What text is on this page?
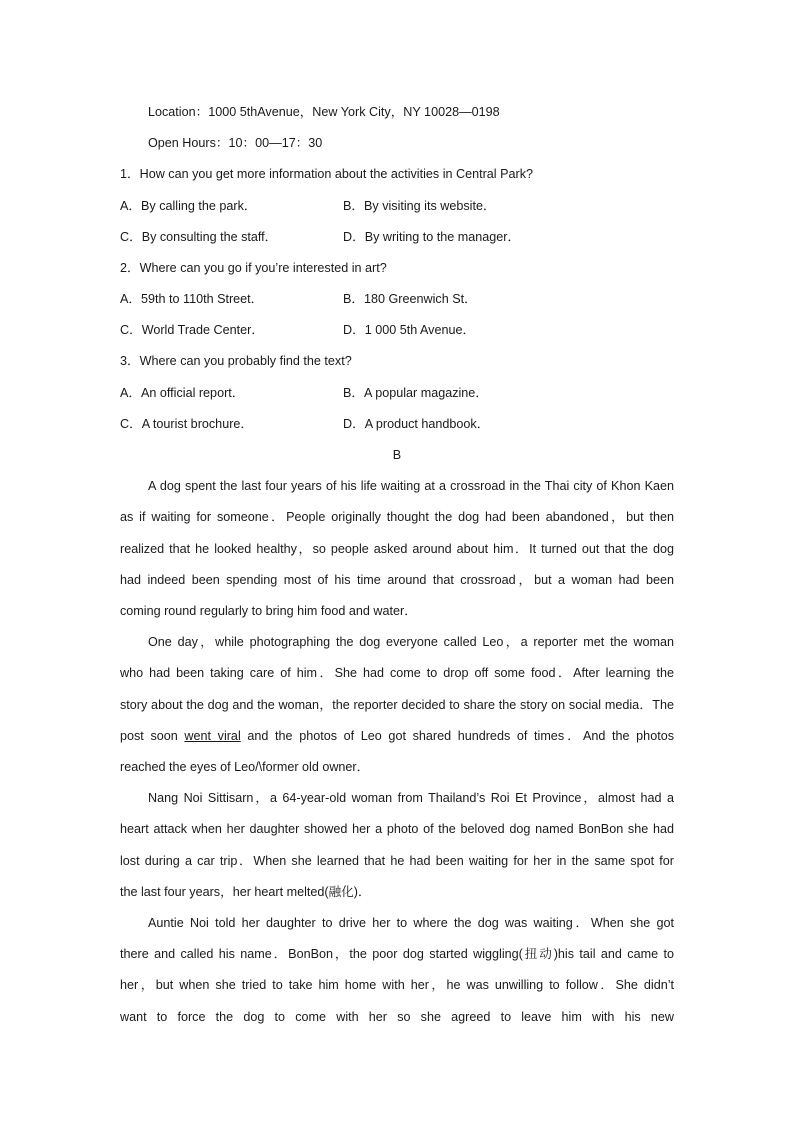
Location：1000 5thAvenue，New York City，NY 10028—0198
Open Hours：10：00—17：30
1．How can you get more information about the activities in Central Park?
A．By calling the park．	B．By visiting its website．
C．By consulting the staff．	D．By writing to the manager．
2．Where can you go if you’re interested in art?
A．59th to 110th Street．	B．180 Greenwich St．
C．World Trade Center．	D．1 000 5th Avenue．
3．Where can you probably find the text?
A．An official report．	B．A popular magazine．
C．A tourist brochure．	D．A product handbook．
B
A dog spent the last four years of his life waiting at a crossroad in the Thai city of Khon Kaen
as if waiting for someone．People originally thought the dog had been abandoned，but then
realized that he looked healthy，so people asked around about him．It turned out that the dog
had indeed been spending most of his time around that crossroad，but a woman had been
coming round regularly to bring him food and water．
One day，while photographing the dog everyone called Leo，a reporter met the woman
who had been taking care of him．She had come to drop off some food．After learning the
story about the dog and the woman，the reporter decided to share the story on social media．The
post soon went viral and the photos of Leo got shared hundreds of times．And the photos
reached the eyes of Leo/\former old owner．
Nang Noi Sittisarn，a 64-year-old woman from Thailand’s Roi Et Province，almost had a
heart attack when her daughter showed her a photo of the beloved dog named BonBon she had
lost during a car trip．When she learned that he had been waiting for her in the same spot for
the last four years，her heart melted(融化)．
Auntie Noi told her daughter to drive her to where the dog was waiting．When she got
there and called his name．BonBon，the poor dog started wiggling(扭动)his tail and came to
her，but when she tried to take him home with her，he was unwilling to follow．She didn’t
want to force the dog to come with her so she agreed to leave him with his new
